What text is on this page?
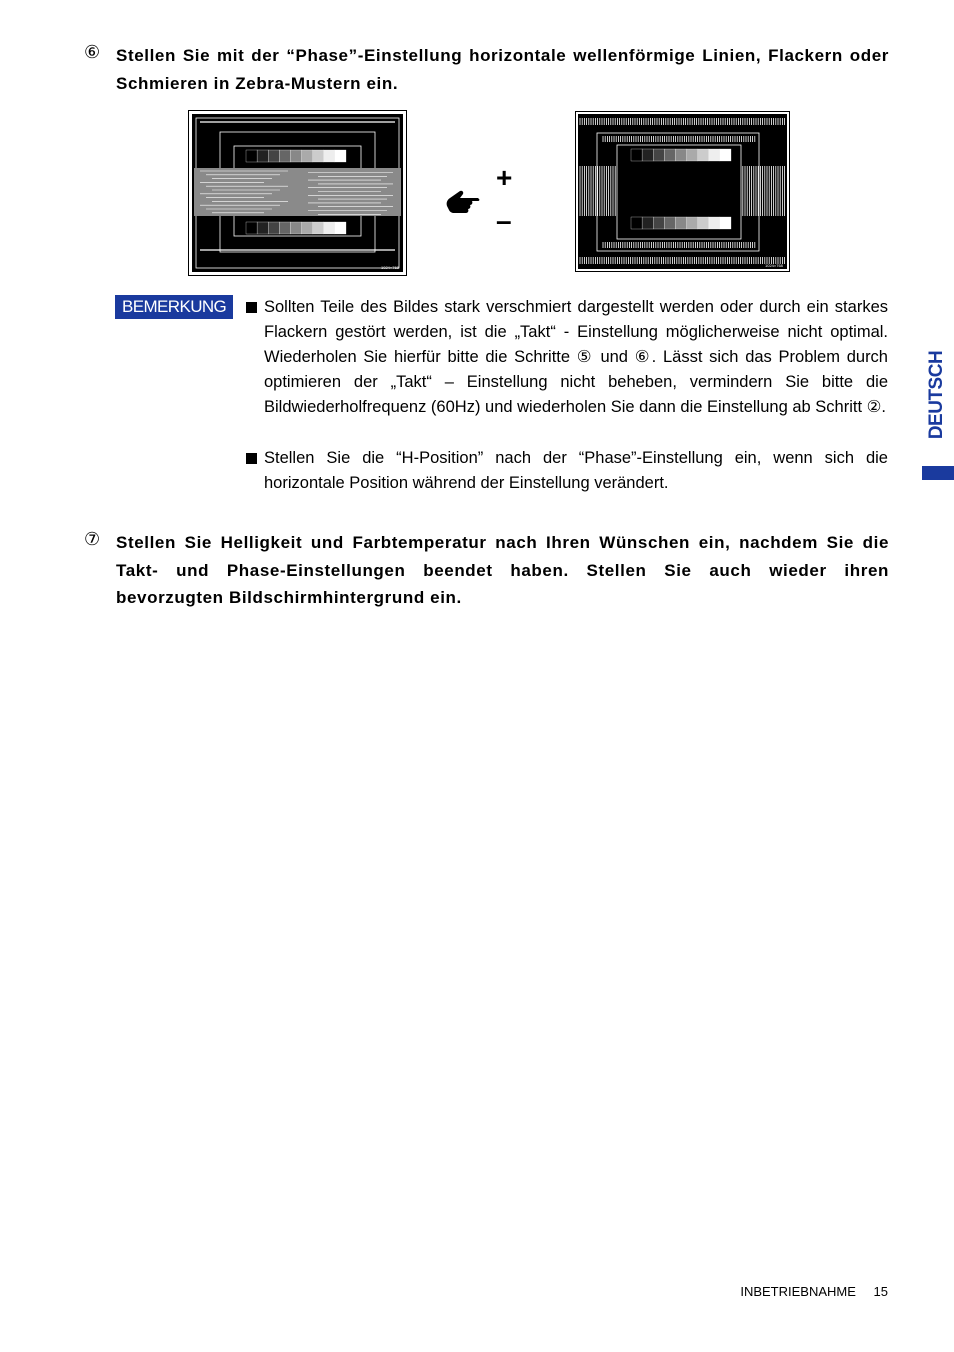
⑥ Stellen Sie mit der “Phase”-Einstellung horizontale wellenförmige Linien, Flackern oder Schmieren in Zebra-Mustern ein.
1024×768
+
–
1024×768
BEMERKUNG	Sollten Teile des Bildes stark verschmiert dargestellt werden oder durch ein starkes Flackern gestört werden, ist die „Takt“ - Einstellung möglicherweise nicht optimal. Wiederholen Sie hierfür bitte die Schritte ⑤ und ⑥. Lässt sich das Problem durch optimieren der „Takt“ – Einstellung nicht beheben, vermindern Sie bitte die Bildwiederholfrequenz (60Hz) und wiederholen Sie dann die Einstellung ab Schritt ②.
Stellen Sie die “H-Position” nach der “Phase”-Einstellung ein, wenn sich die horizontale Position während der Einstellung verändert.
⑦ Stellen Sie Helligkeit und Farbtemperatur nach Ihren Wünschen ein, nachdem Sie die Takt- und Phase-Einstellungen beendet haben. Stellen Sie auch wieder ihren bevorzugten Bildschirmhintergrund ein.
DEUTSCH
INBETRIEBNAHME 15
